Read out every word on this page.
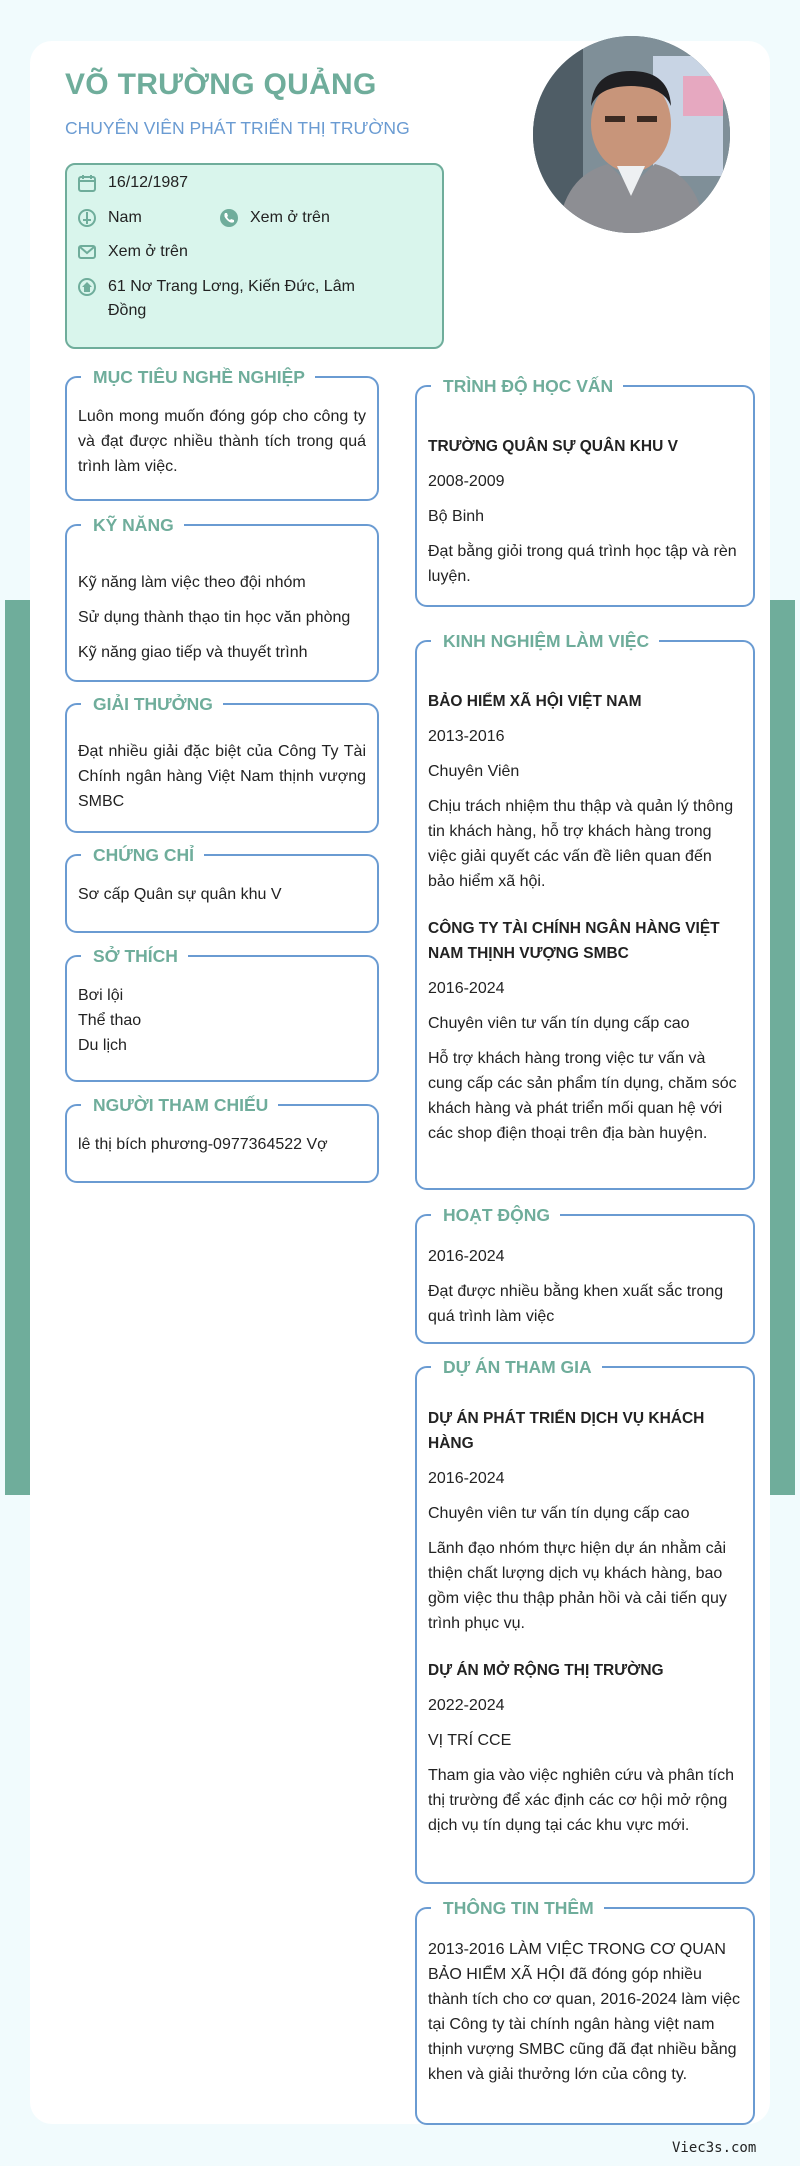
VÕ TRƯỜNG QUẢNG
CHUYÊN VIÊN PHÁT TRIỂN THỊ TRƯỜNG
16/12/1987
Nam	Xem ở trên
Xem ở trên
61 Nơ Trang Lơng, Kiến Đức, Lâm Đồng
MỤC TIÊU NGHỀ NGHIỆP
Luôn mong muốn đóng góp cho công ty và đạt được nhiều thành tích trong quá trình làm việc.
KỸ NĂNG
Kỹ năng làm việc theo đội nhóm
Sử dụng thành thạo tin học văn phòng
Kỹ năng giao tiếp và thuyết trình
GIẢI THƯỞNG
Đạt nhiều giải đặc biệt của Công Ty Tài Chính ngân hàng Việt Nam thịnh vượng SMBC
CHỨNG CHỈ
Sơ cấp Quân sự quân khu V
SỞ THÍCH
Bơi lội
Thể thao
Du lịch
NGƯỜI THAM CHIẾU
lê thị bích phương-0977364522 Vợ
TRÌNH ĐỘ HỌC VẤN
TRƯỜNG QUÂN SỰ QUÂN KHU V
2008-2009
Bộ Binh
Đạt bằng giỏi trong quá trình học tập và rèn luyện.
KINH NGHIỆM LÀM VIỆC
BẢO HIỂM XÃ HỘI VIỆT NAM
2013-2016
Chuyên Viên
Chịu trách nhiệm thu thập và quản lý thông tin khách hàng, hỗ trợ khách hàng trong việc giải quyết các vấn đề liên quan đến bảo hiểm xã hội.
CÔNG TY TÀI CHÍNH NGÂN HÀNG VIỆT NAM THỊNH VƯỢNG SMBC
2016-2024
Chuyên viên tư vấn tín dụng cấp cao
Hỗ trợ khách hàng trong việc tư vấn và cung cấp các sản phẩm tín dụng, chăm sóc khách hàng và phát triển mối quan hệ với các shop điện thoại trên địa bàn huyện.
HOẠT ĐỘNG
2016-2024
Đạt được nhiều bằng khen xuất sắc trong quá trình làm việc
DỰ ÁN THAM GIA
DỰ ÁN PHÁT TRIỂN DỊCH VỤ KHÁCH HÀNG
2016-2024
Chuyên viên tư vấn tín dụng cấp cao
Lãnh đạo nhóm thực hiện dự án nhằm cải thiện chất lượng dịch vụ khách hàng, bao gồm việc thu thập phản hồi và cải tiến quy trình phục vụ.
DỰ ÁN MỞ RỘNG THỊ TRƯỜNG
2022-2024
VỊ TRÍ CCE
Tham gia vào việc nghiên cứu và phân tích thị trường để xác định các cơ hội mở rộng dịch vụ tín dụng tại các khu vực mới.
THÔNG TIN THÊM
2013-2016 LÀM VIỆC TRONG CƠ QUAN BẢO HIỂM XÃ HỘI đã đóng góp nhiều thành tích cho cơ quan, 2016-2024 làm việc tại Công ty tài chính ngân hàng việt nam thịnh vượng SMBC cũng đã đạt nhiều bằng khen và giải thưởng lớn của công ty.
Viec3s.com
